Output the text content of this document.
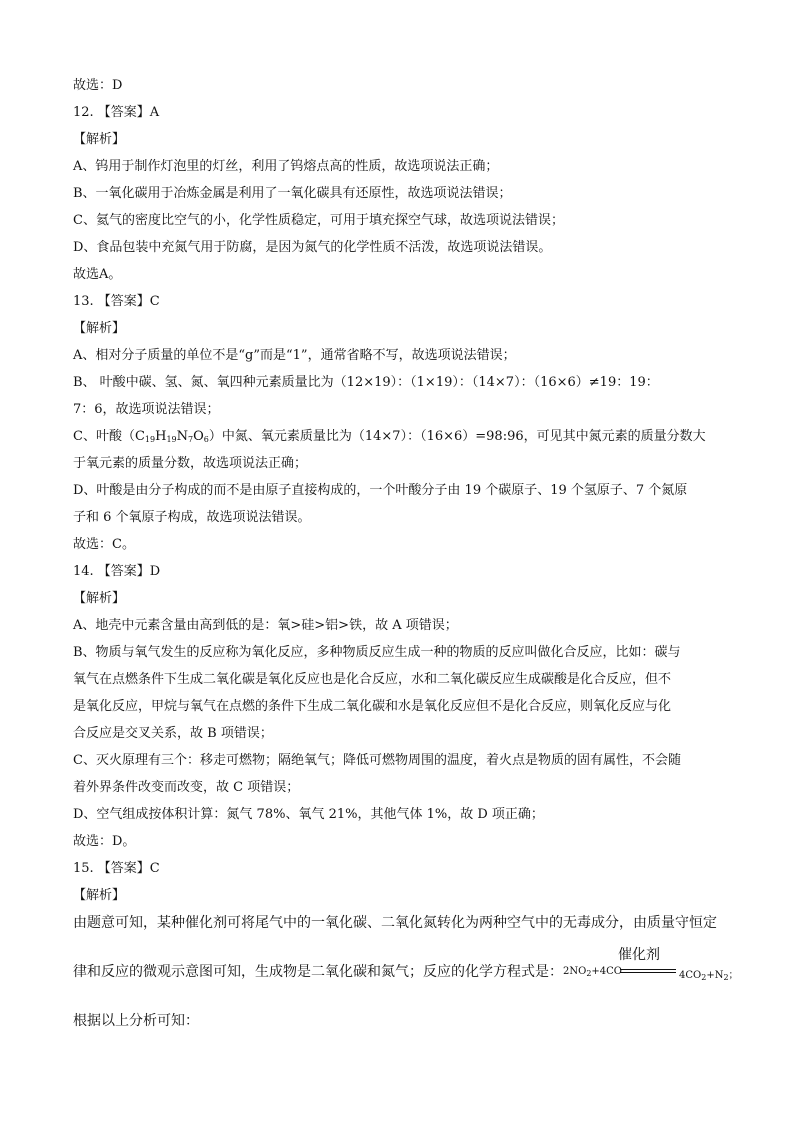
故选：D
12. 【答案】A
【解析】
A、钨用于制作灯泡里的灯丝，利用了钨熔点高的性质，故选项说法正确；
B、一氧化碳用于冶炼金属是利用了一氧化碳具有还原性，故选项说法错误；
C、氦气的密度比空气的小，化学性质稳定，可用于填充探空气球，故选项说法错误；
D、食品包装中充氮气用于防腐，是因为氮气的化学性质不活泼，故选项说法错误。
故选A。
13. 【答案】C
【解析】
A、相对分子质量的单位不是“g”而是“1”，通常省略不写，故选项说法错误；
B、 叶酸中碳、氢、氮、氧四种元素质量比为（12×19）：（1×19）：（14×7）：（16×6）≠19：19：
7：6，故选项说法错误；
C、叶酸$(C_{19}H_{19}N_7O_6)$中氮、氧元素质量比为（14×7）：（16×6）=98:96，可见其中氮元素的质量分数大
于氧元素的质量分数，故选项说法正确；
D、叶酸是由分子构成的而不是由原子直接构成的，一个叶酸分子由 19 个碳原子、19 个氢原子、7 个氮原
子和 6 个氧原子构成，故选项说法错误。
故选：C。
14. 【答案】D
【解析】
A、地壳中元素含量由高到低的是：氧>硅>铝>铁，故 A 项错误；
B、物质与氧气发生的反应称为氧化反应，多种物质反应生成一种的物质的反应叫做化合反应，比如：碳与
氧气在点燃条件下生成二氧化碳是氧化反应也是化合反应，水和二氧化碳反应生成碳酸是化合反应，但不
是氧化反应，甲烷与氧气在点燃的条件下生成二氧化碳和水是氧化反应但不是化合反应，则氧化反应与化
合反应是交叉关系，故 B 项错误；
C、灭火原理有三个：移走可燃物；隔绝氧气；降低可燃物周围的温度，着火点是物质的固有属性，不会随
着外界条件改变而改变，故 C 项错误；
D、空气组成按体积计算：氮气 78%、氧气 21%，其他气体 1%，故 D 项正确；
故选：D。
15. 【答案】C
【解析】
由题意可知，某种催化剂可将尾气中的一氧化碳、二氧化氮转化为两种空气中的无毒成分，由质量守恒定
律和反应的微观示意图可知，生成物是二氧化碳和氮气；反应的化学方程式是： $2NO_2+4CO$
催化剂
$4CO_2+N_2$；
根据以上分析可知：
